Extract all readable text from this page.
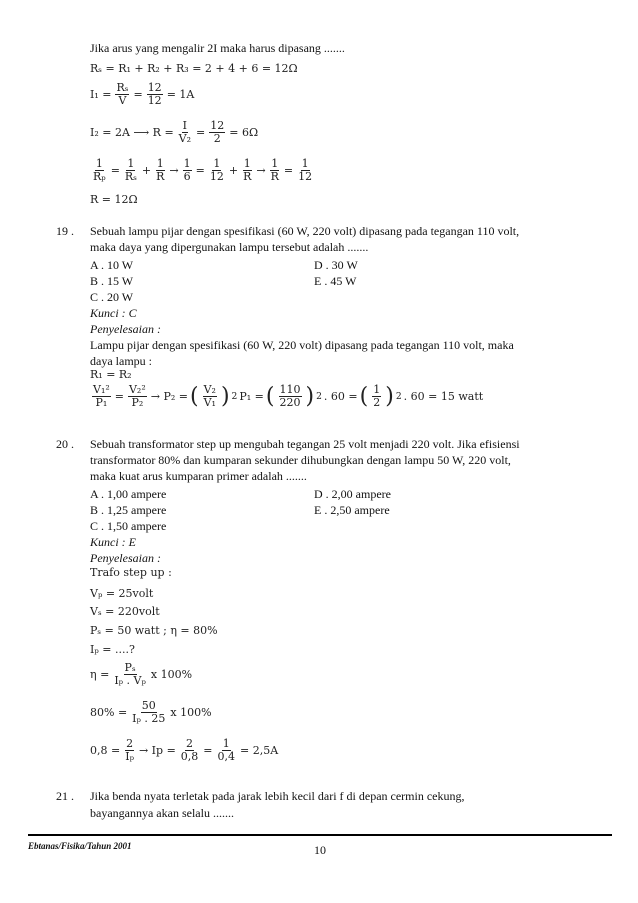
Jika arus yang mengalir 2I maka harus dipasang .......
Rₛ = R₁ + R₂ + R₃ = 2 + 4 + 6 = 12Ω
$I_1 = \frac{\text{Rₛ}}{V} = \frac{12}{12} = 1A$
I₂ = 2A ⟶ $R = \frac{I}{\text{V₂}} = \frac{12}{2} = 6\Omega$
$\frac{1}{\text{Rₚ}} = \frac{1}{\text{Rₛ}} + \frac{1}{R} \to \frac{1}{6} = \frac{1}{12} + \frac{1}{R} \to \frac{1}{R} = \frac{1}{12}$
R = 12Ω
19 . Sebuah lampu pijar dengan spesifikasi (60 W, 220 volt) dipasang pada tegangan 110 volt,
maka daya yang dipergunakan lampu tersebut adalah .......
A . 10 W
B . 15 W
C . 20 W
D . 30 W
E . 45 W
Kunci : C
Penyelesaian :
Lampu pijar dengan spesifikasi (60 W, 220 volt) dipasang pada tegangan 110 volt, maka
daya lampu :
R₁ = R₂
$\frac{\text{V₁²}}{\text{P₁}} = \frac{\text{V₂²}}{\text{P₂}} \to P_2$ = ( $\frac{\text{V₂}}{\text{V₁}}$ ) 2 P₁ = ( $\frac{110}{220}$ ) 2 . 60 = ( $\frac{1}{2}$ ) 2 . 60 = 15 watt
20 . Sebuah transformator step up mengubah tegangan 25 volt menjadi 220 volt. Jika efisiensi
transformator 80% dan kumparan sekunder dihubungkan dengan lampu 50 W, 220 volt,
maka kuat arus kumparan primer adalah .......
A . 1,00 ampere
B . 1,25 ampere
C . 1,50 ampere
D . 2,00 ampere
E . 2,50 ampere
Kunci : E
Penyelesaian :
Trafo step up :
Vₚ = 25volt
Vₛ = 220volt
Pₛ = 50 watt ; η = 80%
Iₚ = ....?
$\eta = \frac{\text{Pₛ}}{\text{Iₚ . Vₚ}}$ x 100%
$80\% = \frac{50}{\text{Iₚ . 25}}$ x 100%
$0,8 = \frac{2}{\text{Iₚ}} \to Ip = \frac{2}{0,8} = \frac{1}{0,4} = 2,5A$
21 . Jika benda nyata terletak pada jarak lebih kecil dari f di depan cermin cekung,
bayangannya akan selalu .......
Ebtanas/Fisika/Tahun 2001	10
